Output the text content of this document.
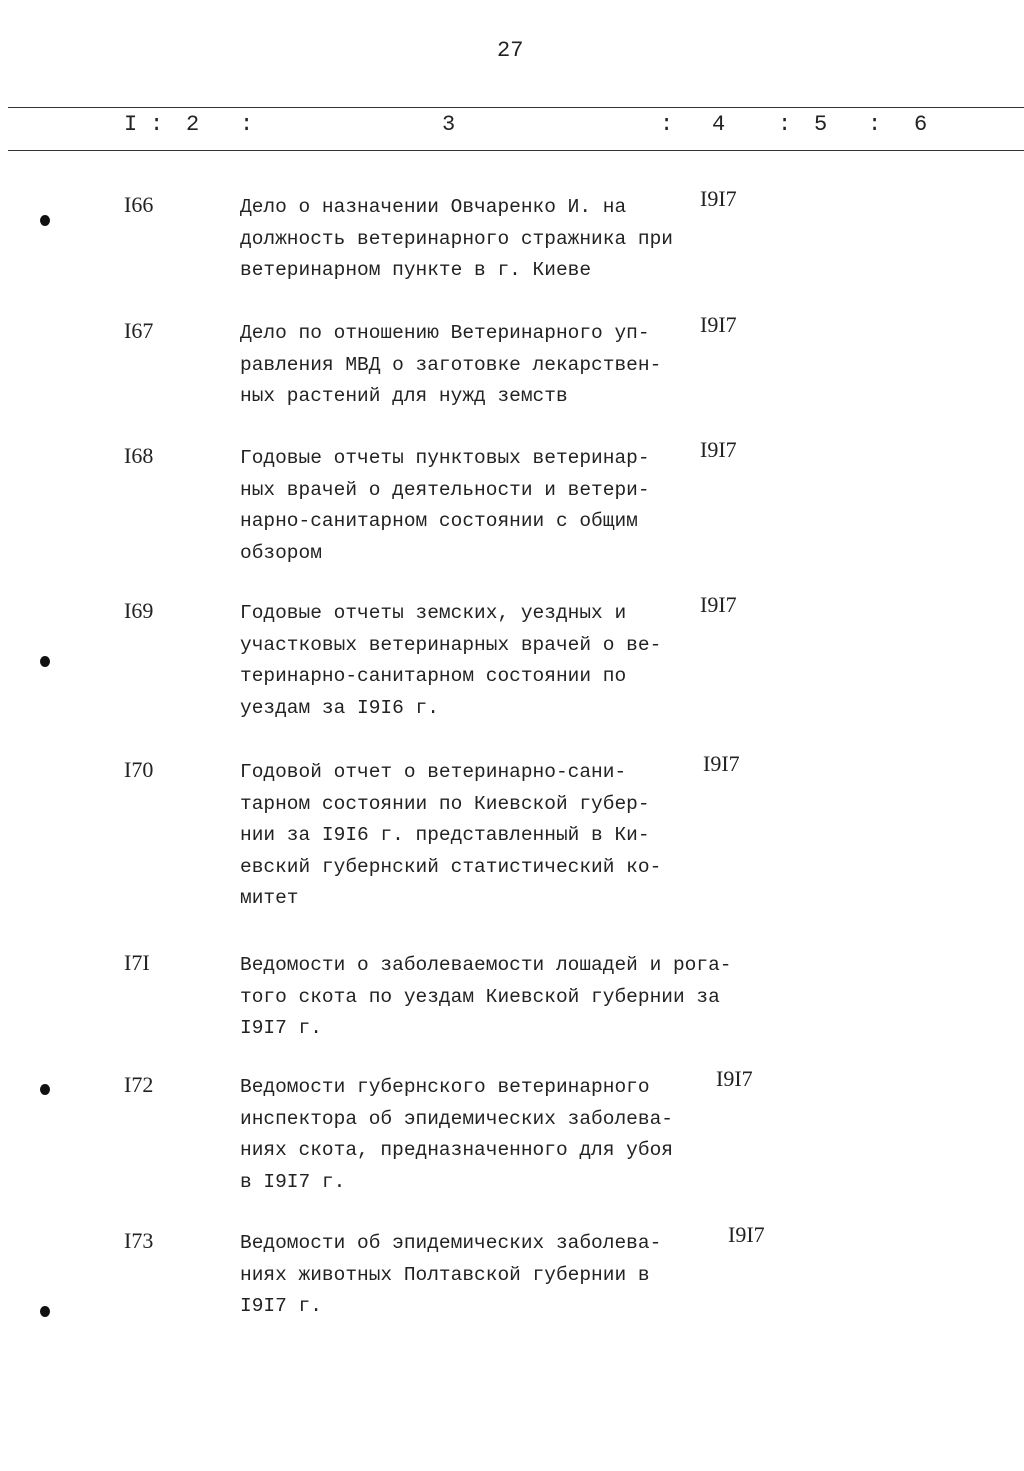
27
I : 2 :	3	: 4 : 5 : 6
I66	Дело о назначении Овчаренко И. на
должность ветеринарного стражника при
ветеринарном пункте в г. Киеве
I9I7
I67	Дело по отношению Ветеринарного уп-
равления МВД о заготовке лекарствен-
ных растений для нужд земств
I9I7
I68	Годовые отчеты пунктовых ветеринар-
ных врачей о деятельности и ветери-
нарно-санитарном состоянии с общим
обзором
I9I7
I69	Годовые отчеты земских, уездных и
участковых ветеринарных врачей о ве-
теринарно-санитарном состоянии по
уездам за I9I6 г.
I9I7
I70	Годовой отчет о ветеринарно-сани-
тарном состоянии по Киевской губер-
нии за I9I6 г. представленный в Ки-
евский губернский статистический ко-
митет
I9I7
I7I	Ведомости о заболеваемости лошадей и рога-
того скота по уездам Киевской губернии за
I9I7 г.
I72	Ведомости губернского ветеринарного
инспектора об эпидемических заболева-
ниях скота, предназначенного для убоя
в I9I7 г.
I9I7
I73	Ведомости об эпидемических заболева-
ниях животных Полтавской губернии в
I9I7 г.
I9I7
